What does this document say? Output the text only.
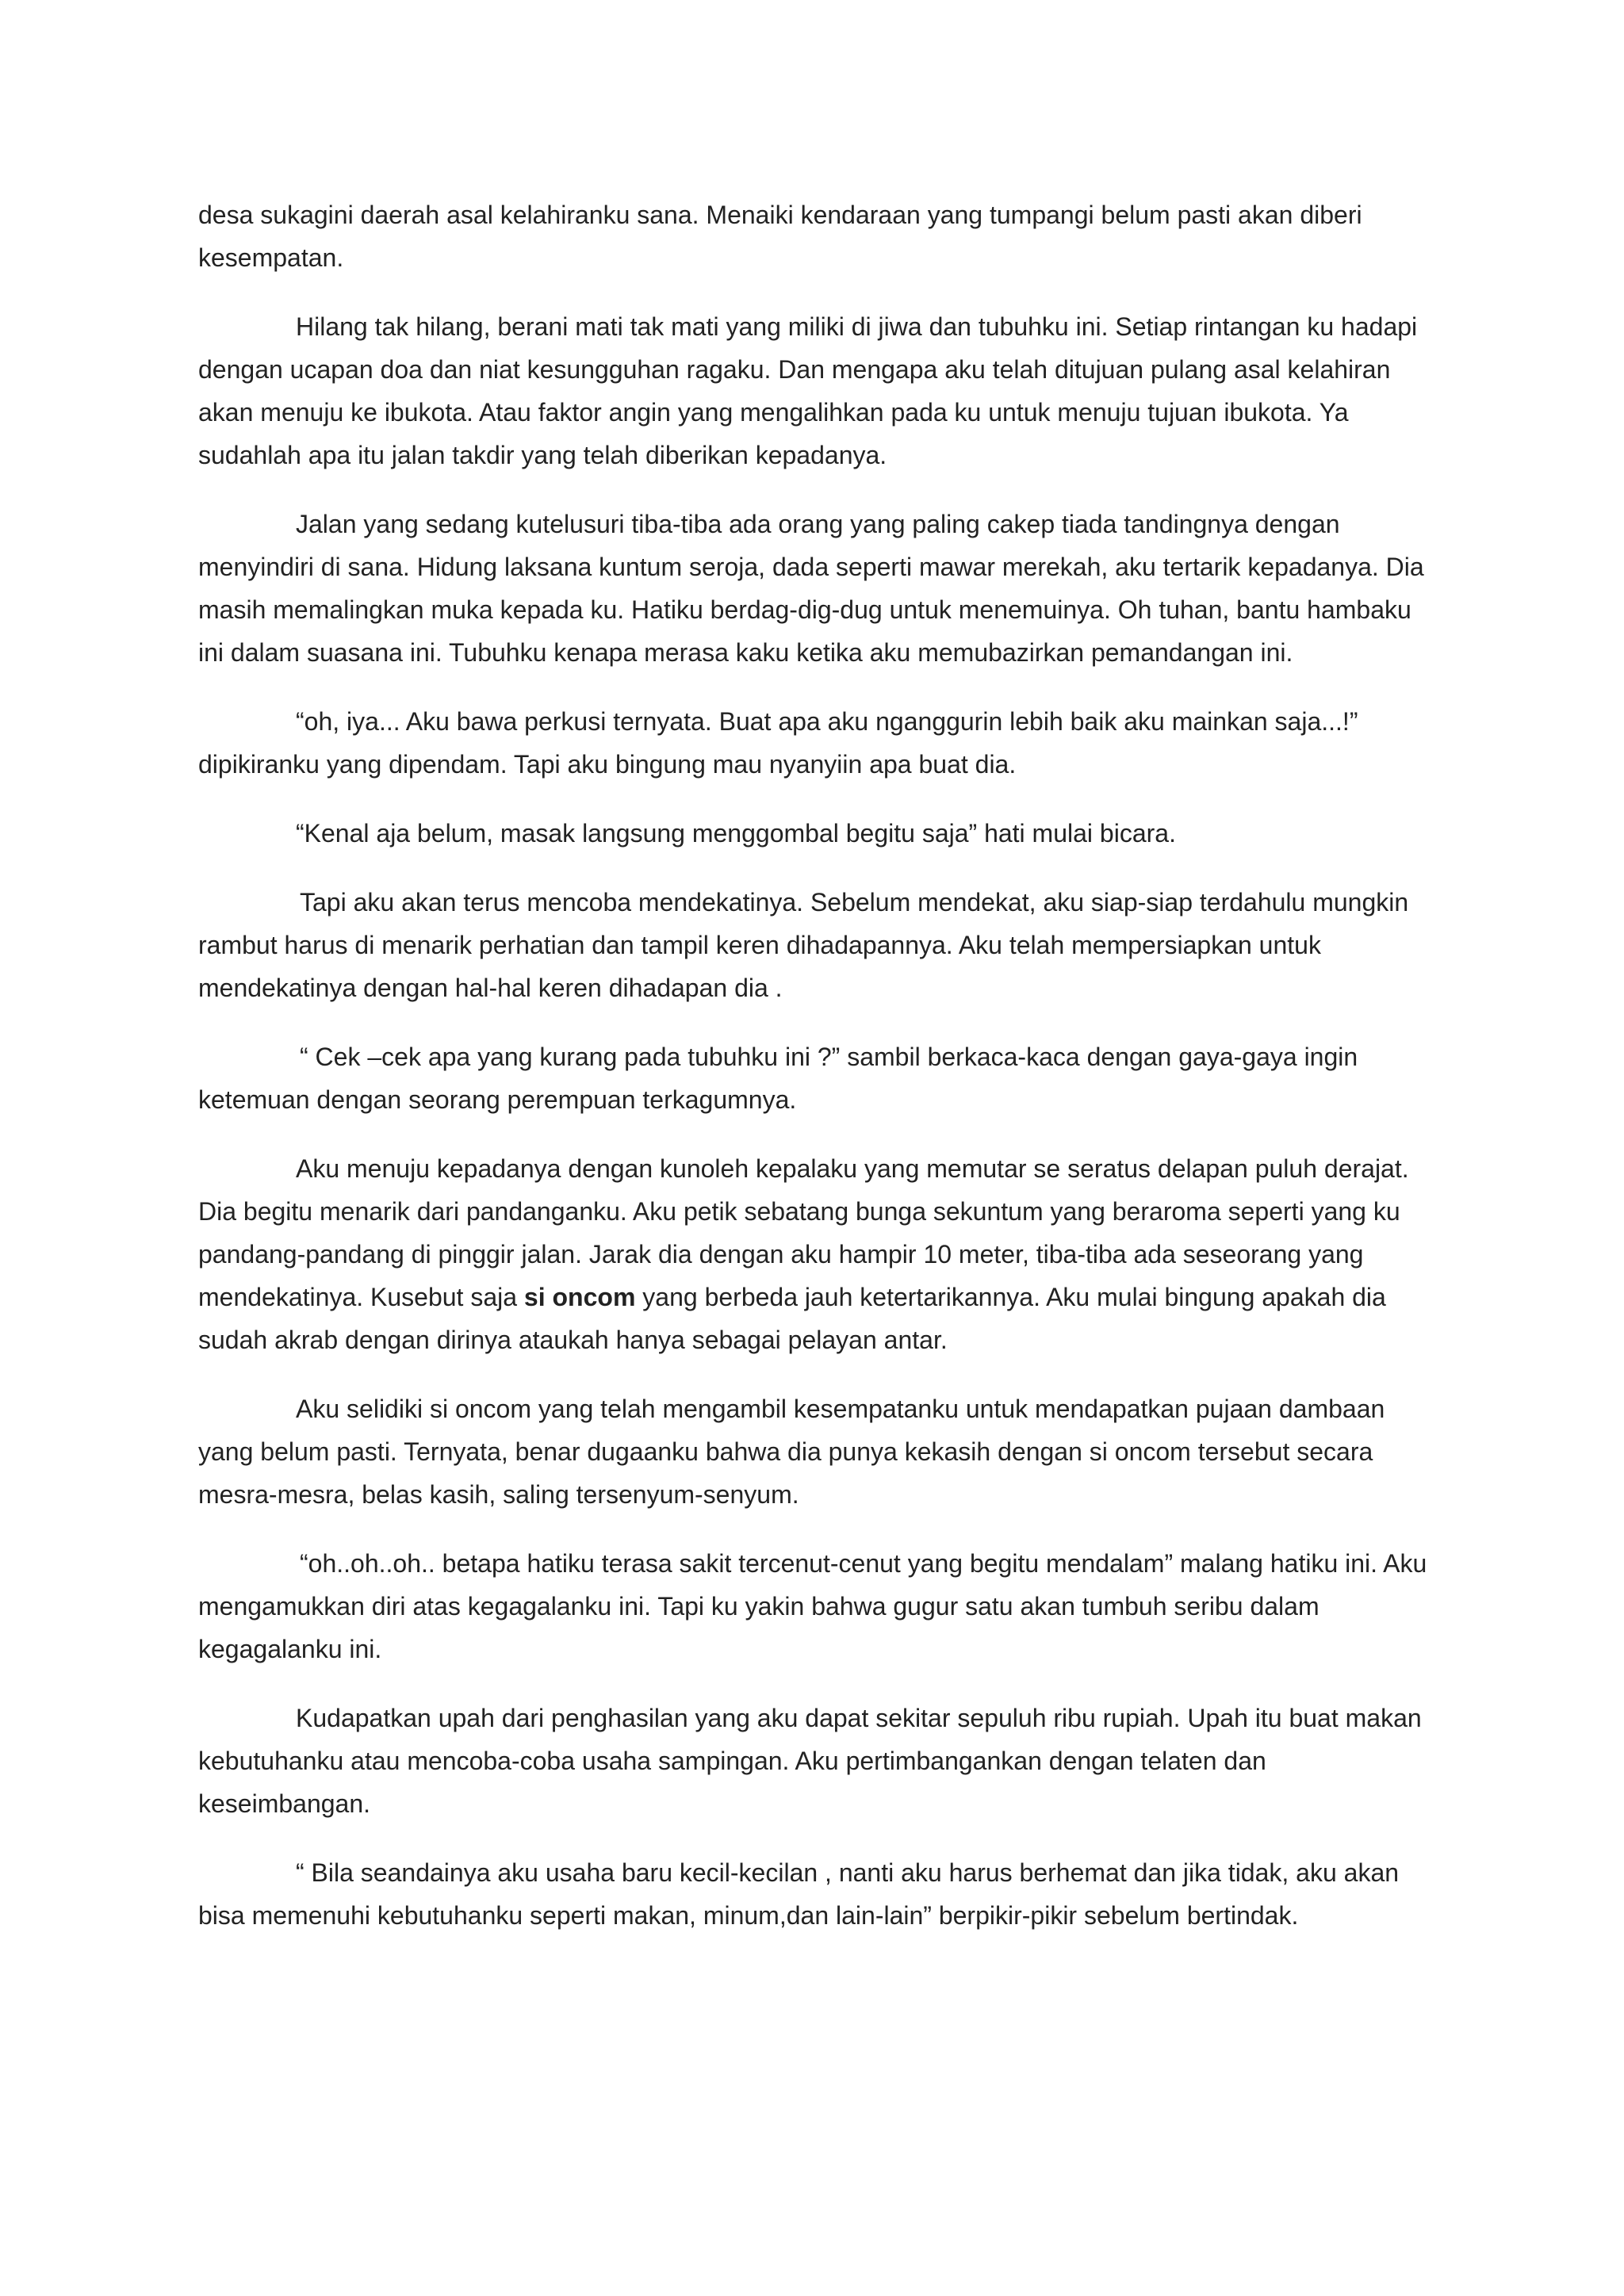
desa sukagini daerah asal kelahiranku sana. Menaiki kendaraan yang tumpangi belum pasti akan diberi kesempatan.

Hilang tak hilang, berani mati tak mati yang miliki di jiwa dan tubuhku ini. Setiap rintangan ku hadapi dengan ucapan doa dan niat kesungguhan ragaku. Dan mengapa aku telah ditujuan pulang asal kelahiran akan menuju ke ibukota. Atau faktor angin yang mengalihkan pada ku untuk menuju tujuan ibukota. Ya sudahlah apa itu jalan takdir yang telah diberikan kepadanya.

Jalan yang sedang kutelusuri tiba-tiba ada orang yang paling cakep tiada tandingnya dengan menyindiri di sana. Hidung laksana kuntum seroja, dada seperti mawar merekah, aku tertarik kepadanya. Dia masih memalingkan muka kepada ku. Hatiku berdag-dig-dug untuk menemuinya. Oh tuhan, bantu hambaku ini dalam suasana ini. Tubuhku kenapa merasa kaku ketika aku memubazirkan pemandangan ini.

“oh, iya... Aku bawa perkusi ternyata. Buat apa aku nganggurin lebih baik aku mainkan saja...!” dipikiranku yang dipendam. Tapi aku bingung mau nyanyiin apa buat dia.

“Kenal aja belum, masak langsung menggombal begitu saja” hati mulai bicara.

Tapi aku akan terus mencoba mendekatinya. Sebelum mendekat, aku siap-siap terdahulu mungkin rambut harus di menarik perhatian dan tampil keren dihadapannya. Aku telah mempersiapkan untuk mendekatinya dengan hal-hal keren dihadapan dia .

“ Cek –cek apa yang kurang pada tubuhku ini ?” sambil berkaca-kaca dengan gaya-gaya ingin ketemuan dengan seorang perempuan terkagumnya.

Aku menuju kepadanya dengan kunoleh kepalaku yang memutar se seratus delapan puluh derajat. Dia begitu menarik dari pandanganku. Aku petik sebatang bunga sekuntum yang beraroma seperti yang ku pandang-pandang di pinggir jalan. Jarak dia dengan aku hampir 10 meter, tiba-tiba ada seseorang yang mendekatinya. Kusebut saja si oncom yang berbeda jauh ketertarikannya. Aku mulai bingung apakah dia sudah akrab dengan dirinya ataukah hanya sebagai pelayan antar.

Aku selidiki si oncom yang telah mengambil kesempatanku untuk mendapatkan pujaan dambaan yang belum pasti. Ternyata, benar dugaanku bahwa dia punya kekasih dengan si oncom tersebut secara mesra-mesra, belas kasih, saling tersenyum-senyum.

“oh..oh..oh.. betapa hatiku terasa sakit tercenut-cenut yang begitu mendalam” malang hatiku ini. Aku mengamukkan diri atas kegagalanku ini. Tapi ku yakin bahwa gugur satu akan tumbuh seribu dalam kegagalanku ini.

Kudapatkan upah dari penghasilan yang aku dapat sekitar sepuluh ribu rupiah. Upah itu buat makan kebutuhanku atau mencoba-coba usaha sampingan. Aku pertimbangankan dengan telaten dan keseimbangan.

“ Bila seandainya aku usaha baru kecil-kecilan , nanti aku harus berhemat dan jika tidak, aku akan bisa memenuhi kebutuhanku seperti makan, minum,dan lain-lain” berpikir-pikir sebelum bertindak.
